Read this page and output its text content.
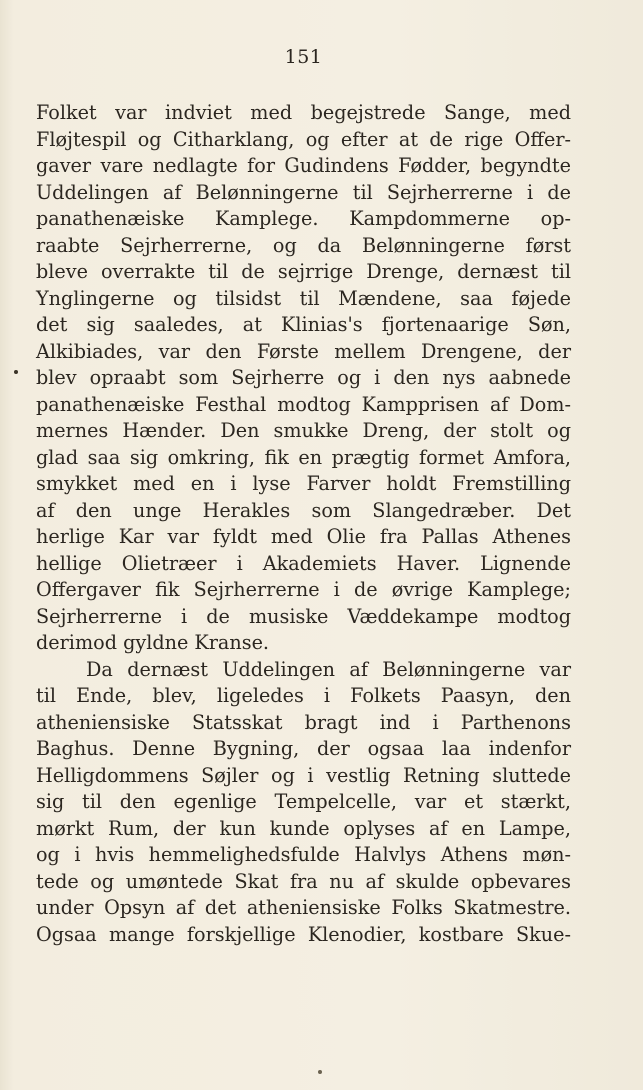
151
Folket var indviet med begejstrede Sange, med
Fløjtespil og Citharklang, og efter at de rige Offer-
gaver vare nedlagte for Gudindens Fødder, begyndte
Uddelingen af Belønningerne til Sejrherrerne i de
panathenæiske Kamplege. Kampdommerne op-
raabte Sejrherrerne, og da Belønningerne først
bleve overrakte til de sejrrige Drenge, dernæst til
Ynglingerne og tilsidst til Mændene, saa føjede
det sig saaledes, at Klinias's fjortenaarige Søn,
Alkibiades, var den Første mellem Drengene, der
blev opraabt som Sejrherre og i den nys aabnede
panathenæiske Festhal modtog Kampprisen af Dom-
mernes Hænder. Den smukke Dreng, der stolt og
glad saa sig omkring, fik en prægtig formet Amfora,
smykket med en i lyse Farver holdt Fremstilling
af den unge Herakles som Slangedræber. Det
herlige Kar var fyldt med Olie fra Pallas Athenes
hellige Olietræer i Akademiets Haver. Lignende
Offergaver fik Sejrherrerne i de øvrige Kamplege;
Sejrherrerne i de musiske Væddekampe modtog
derimod gyldne Kranse.
Da dernæst Uddelingen af Belønningerne var
til Ende, blev, ligeledes i Folkets Paasyn, den
atheniensiske Statsskat bragt ind i Parthenons
Baghus. Denne Bygning, der ogsaa laa indenfor
Helligdommens Søjler og i vestlig Retning sluttede
sig til den egenlige Tempelcelle, var et stærkt,
mørkt Rum, der kun kunde oplyses af en Lampe,
og i hvis hemmelighedsfulde Halvlys Athens møn-
tede og umøntede Skat fra nu af skulde opbevares
under Opsyn af det atheniensiske Folks Skatmestre.
Ogsaa mange forskjellige Klenodier, kostbare Skue-
